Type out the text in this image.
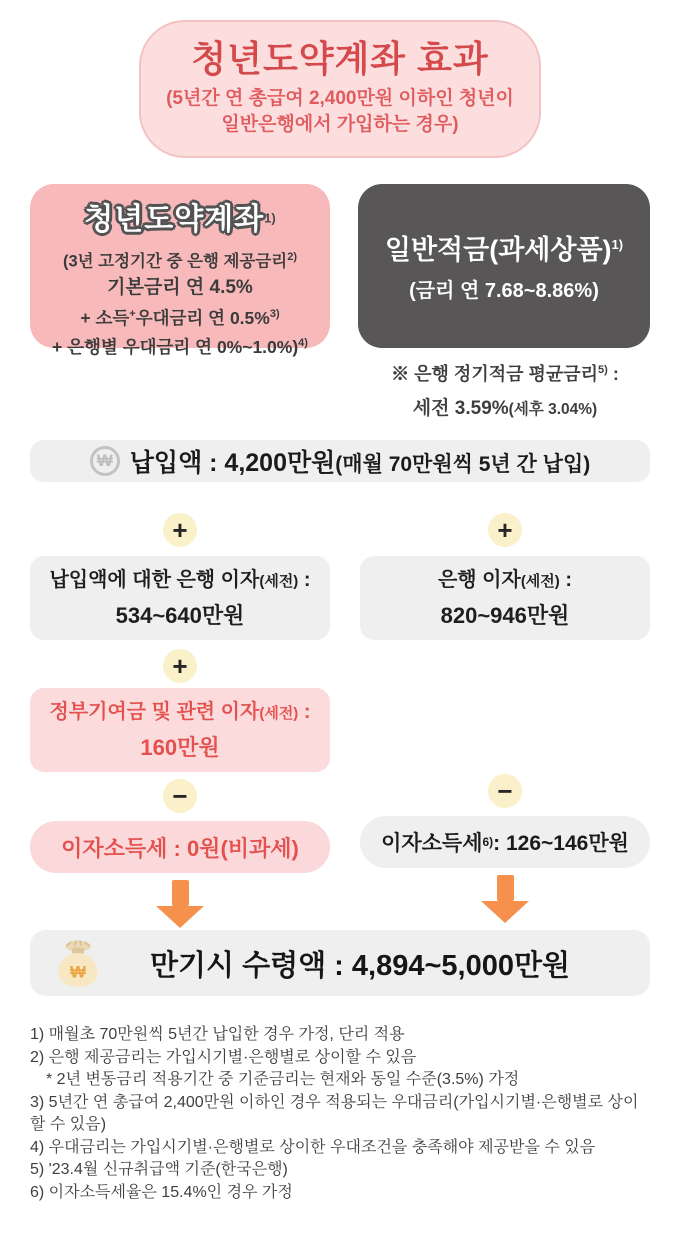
청년도약계좌 효과
(5년간 연 총급여 2,400만원 이하인 청년이
일반은행에서 가입하는 경우)
청년도약계좌$^{1)}$
(3년 고정기간 중 은행 제공금리$^{2)}$
기본금리 연 4.5%
+ 소득+우대금리 연 0.5%$^{3)}$
+ 은행별 우대금리 연 0%~1.0%)$^{4)}$
일반적금(과세상품)$^{1)}$
(금리 연 7.68~8.86%)
※ 은행 정기적금 평균금리$^{5)}$ :
세전 3.59%(세후 3.04%)
₩ 납입액 : 4,200만원(매월 70만원씩 5년 간 납입)
+
납입액에 대한 은행 이자(세전) :
534~640만원
+
정부기여금 및 관련 이자(세전) :
160만원
−
이자소득세 : 0원(비과세)
+
은행 이자(세전) :
820~946만원
−
이자소득세 6) : 126~146만원
₩ 만기시 수령액 : 4,894~5,000만원
1) 매월초 70만원씩 5년간 납입한 경우 가정, 단리 적용
2) 은행 제공금리는 가입시기별·은행별로 상이할 수 있음
* 2년 변동금리 적용기간 중 기준금리는 현재와 동일 수준(3.5%) 가정
3) 5년간 연 총급여 2,400만원 이하인 경우 적용되는 우대금리(가입시기별·은행별로 상이할 수 있음)
4) 우대금리는 가입시기별·은행별로 상이한 우대조건을 충족해야 제공받을 수 있음
5) '23.4월 신규취급액 기준(한국은행)
6) 이자소득세율은 15.4%인 경우 가정
